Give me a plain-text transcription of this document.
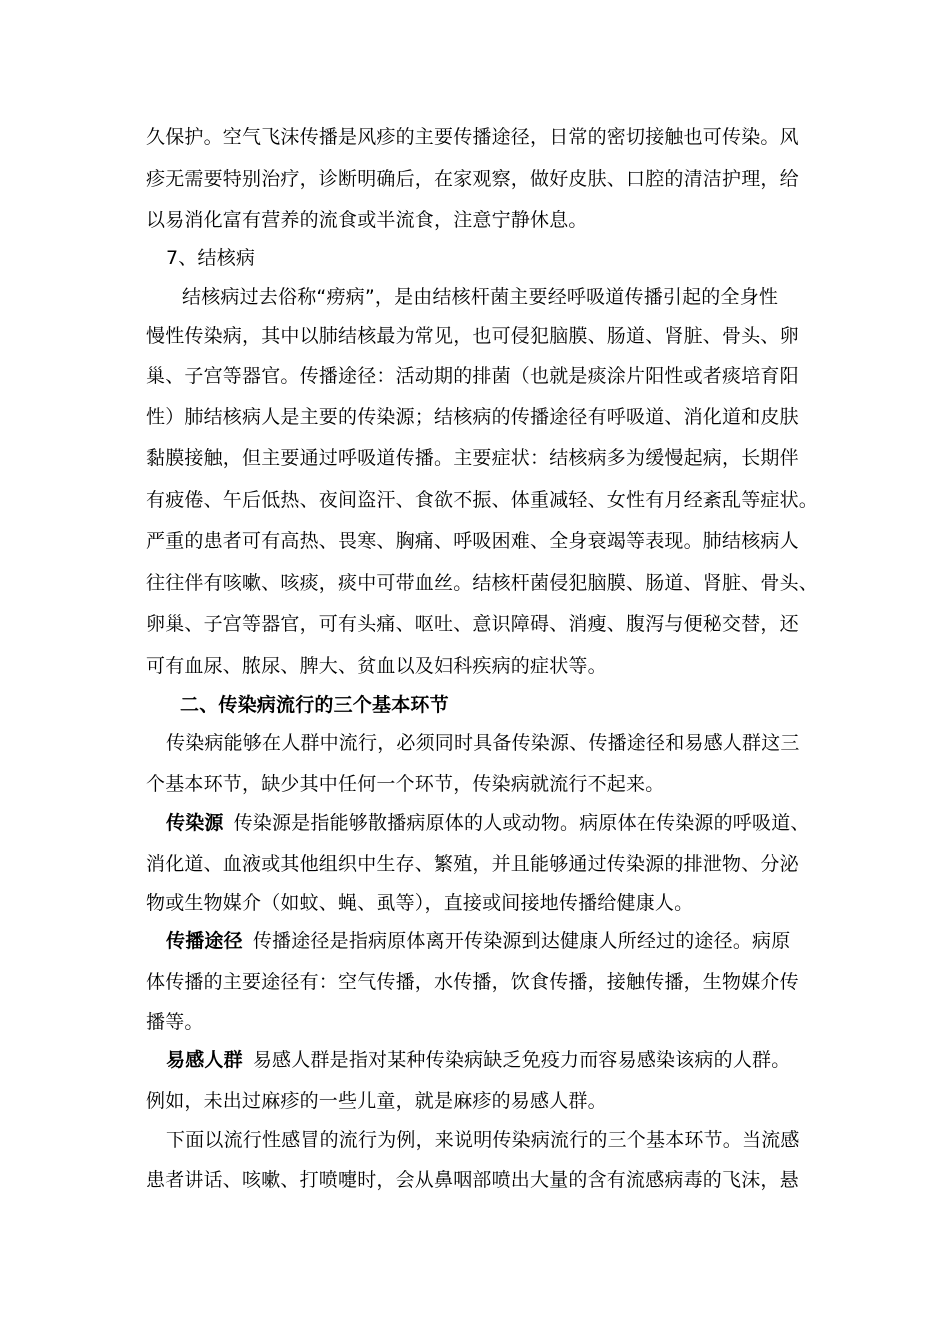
久保护。空气飞沫传播是风疹的主要传播途径，日常的密切接触也可传染。风
疹无需要特别治疗，诊断明确后，在家观察，做好皮肤、口腔的清洁护理，给
以易消化富有营养的流食或半流食，注意宁静休息。
7、结核病
结核病过去俗称“痨病”，是由结核杆菌主要经呼吸道传播引起的全身性
慢性传染病，其中以肺结核最为常见，也可侵犯脑膜、肠道、肾脏、骨头、卵
巢、子宫等器官。传播途径：活动期的排菌（也就是痰涂片阳性或者痰培育阳
性）肺结核病人是主要的传染源；结核病的传播途径有呼吸道、消化道和皮肤
黏膜接触，但主要通过呼吸道传播。主要症状：结核病多为缓慢起病，长期伴
有疲倦、午后低热、夜间盗汗、食欲不振、体重减轻、女性有月经紊乱等症状。
严重的患者可有高热、畏寒、胸痛、呼吸困难、全身衰竭等表现。肺结核病人
往往伴有咳嗽、咳痰，痰中可带血丝。结核杆菌侵犯脑膜、肠道、肾脏、骨头、
卵巢、子宫等器官，可有头痛、呕吐、意识障碍、消瘦、腹泻与便秘交替，还
可有血尿、脓尿、脾大、贫血以及妇科疾病的症状等。
二、传染病流行的三个基本环节
传染病能够在人群中流行，必须同时具备传染源、传播途径和易感人群这三
个基本环节，缺少其中任何一个环节，传染病就流行不起来。
传染源 传染源是指能够散播病原体的人或动物。病原体在传染源的呼吸道、
消化道、血液或其他组织中生存、繁殖，并且能够通过传染源的排泄物、分泌
物或生物媒介（如蚊、蝇、虱等），直接或间接地传播给健康人。
传播途径 传播途径是指病原体离开传染源到达健康人所经过的途径。病原
体传播的主要途径有：空气传播，水传播，饮食传播，接触传播，生物媒介传
播等。
易感人群 易感人群是指对某种传染病缺乏免疫力而容易感染该病的人群。
例如，未出过麻疹的一些儿童，就是麻疹的易感人群。
下面以流行性感冒的流行为例，来说明传染病流行的三个基本环节。当流感
患者讲话、咳嗽、打喷嚏时，会从鼻咽部喷出大量的含有流感病毒的飞沫，悬
